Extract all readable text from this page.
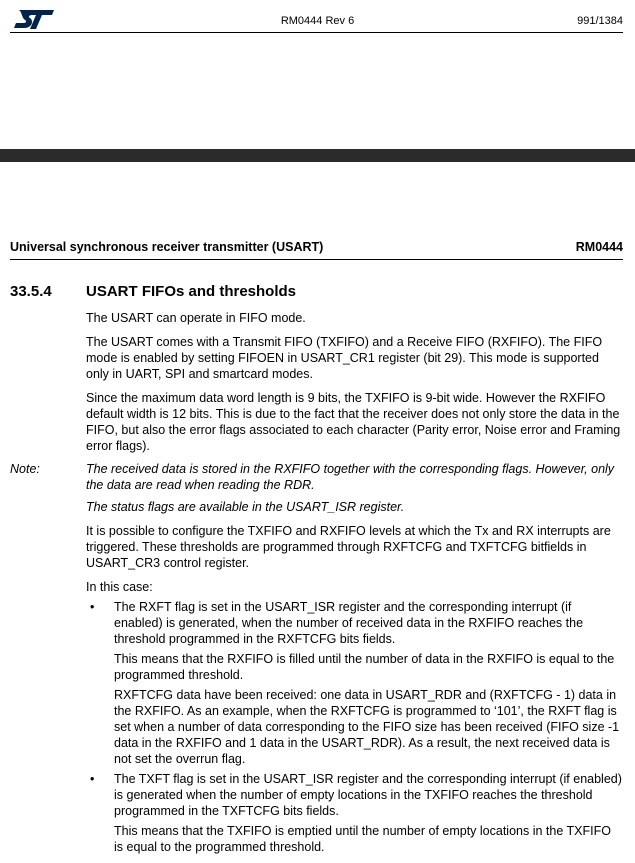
RM0444 Rev 6	991/1384
Universal synchronous receiver transmitter (USART)	RM0444
33.5.4 USART FIFOs and thresholds
The USART can operate in FIFO mode.
The USART comes with a Transmit FIFO (TXFIFO) and a Receive FIFO (RXFIFO). The FIFO mode is enabled by setting FIFOEN in USART_CR1 register (bit 29). This mode is supported only in UART, SPI and smartcard modes.
Since the maximum data word length is 9 bits, the TXFIFO is 9-bit wide. However the RXFIFO default width is 12 bits. This is due to the fact that the receiver does not only store the data in the FIFO, but also the error flags associated to each character (Parity error, Noise error and Framing error flags).
Note:	The received data is stored in the RXFIFO together with the corresponding flags. However, only the data are read when reading the RDR.
The status flags are available in the USART_ISR register.
It is possible to configure the TXFIFO and RXFIFO levels at which the Tx and RX interrupts are triggered. These thresholds are programmed through RXFTCFG and TXFTCFG bitfields in USART_CR3 control register.
In this case:
• The RXFT flag is set in the USART_ISR register and the corresponding interrupt (if enabled) is generated, when the number of received data in the RXFIFO reaches the threshold programmed in the RXFTCFG bits fields.
This means that the RXFIFO is filled until the number of data in the RXFIFO is equal to the programmed threshold.
RXFTCFG data have been received: one data in USART_RDR and (RXFTCFG - 1) data in the RXFIFO. As an example, when the RXFTCFG is programmed to ‘101’, the RXFT flag is set when a number of data corresponding to the FIFO size has been received (FIFO size -1 data in the RXFIFO and 1 data in the USART_RDR). As a result, the next received data is not set the overrun flag.
• The TXFT flag is set in the USART_ISR register and the corresponding interrupt (if enabled) is generated when the number of empty locations in the TXFIFO reaches the threshold programmed in the TXFTCFG bits fields.
This means that the TXFIFO is emptied until the number of empty locations in the TXFIFO is equal to the programmed threshold.
